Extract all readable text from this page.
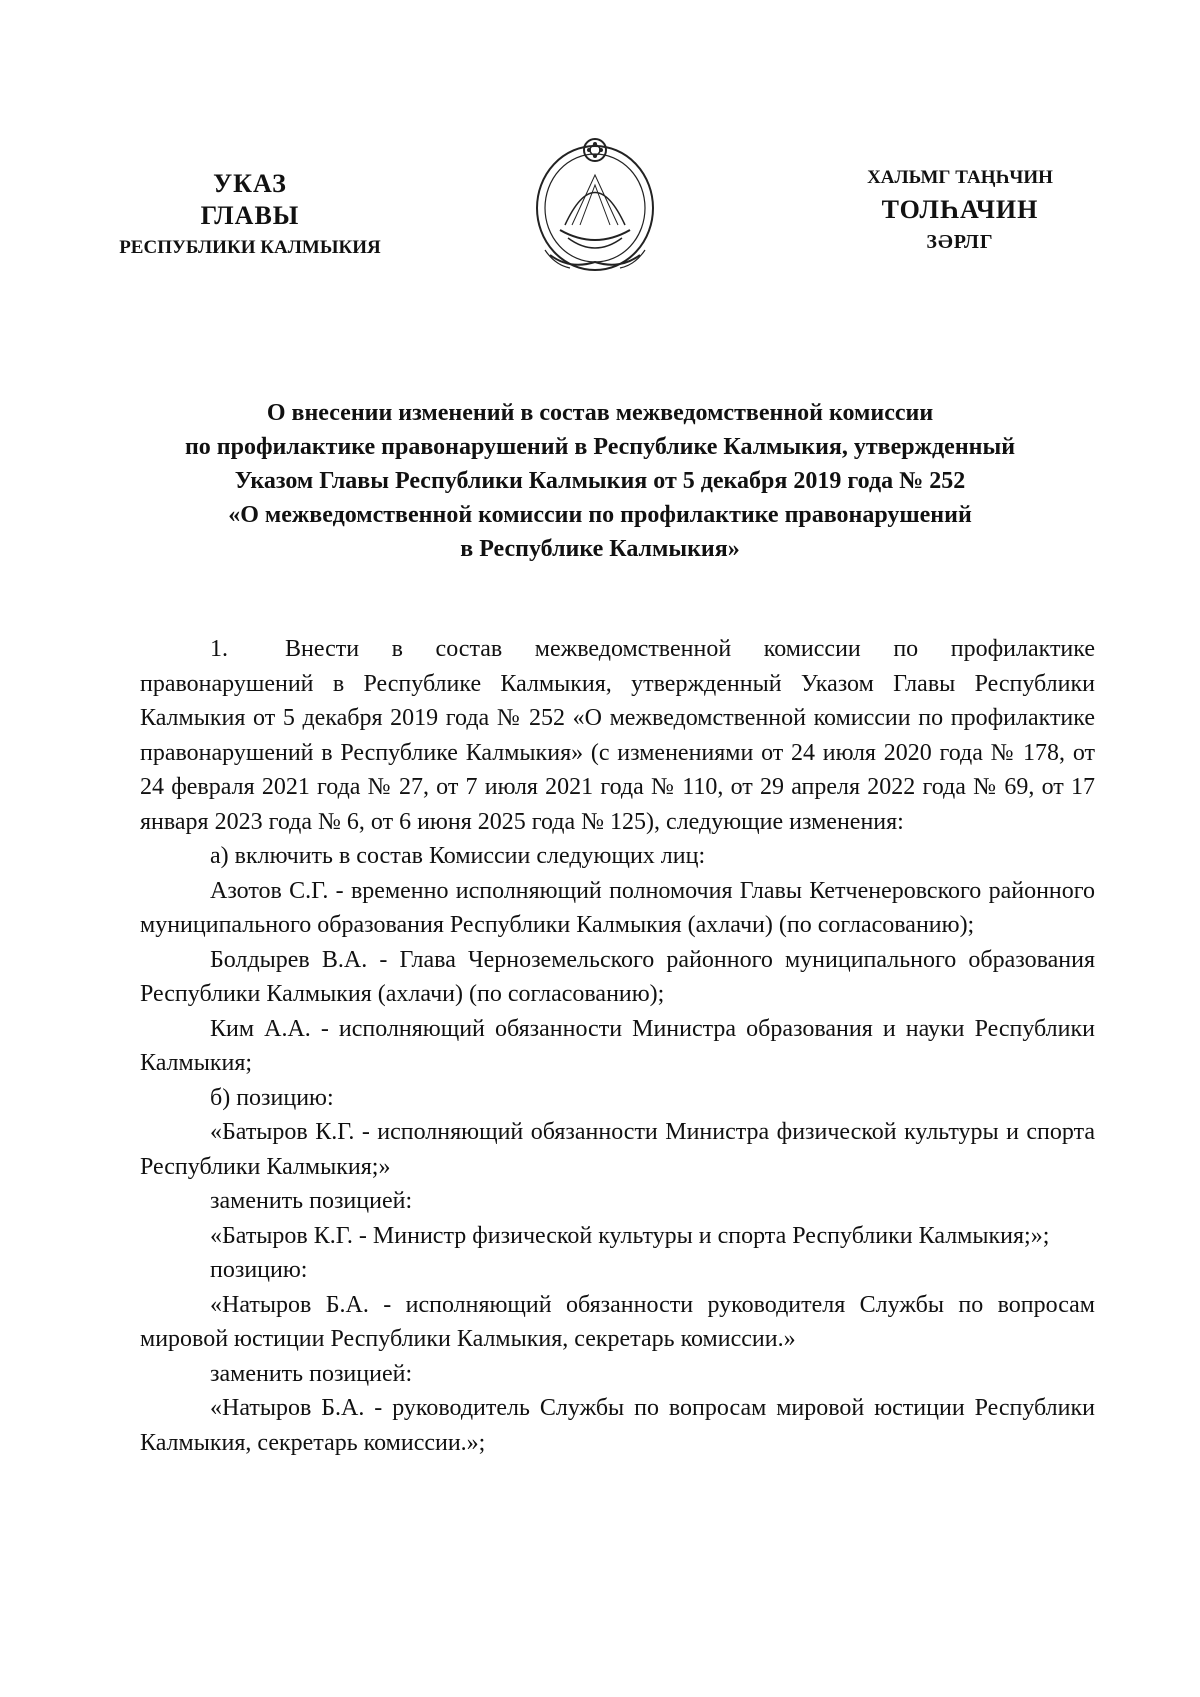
УКАЗ
ГЛАВЫ
РЕСПУБЛИКИ КАЛМЫКИЯ
ХАЛЬМГ ТАҢҺЧИН
ТОЛҺАЧИН
ЗӘРЛГ
О внесении изменений в состав межведомственной комиссии
по профилактике правонарушений в Республике Калмыкия, утвержденный
Указом Главы Республики Калмыкия от 5 декабря 2019 года № 252
«О межведомственной комиссии по профилактике правонарушений
в Республике Калмыкия»

1. Внести в состав межведомственной комиссии по профилактике правонарушений в Республике Калмыкия, утвержденный Указом Главы Республики Калмыкия от 5 декабря 2019 года № 252 «О межведомственной комиссии по профилактике правонарушений в Республике Калмыкия» (с изменениями от 24 июля 2020 года № 178, от 24 февраля 2021 года № 27, от 7 июля 2021 года № 110, от 29 апреля 2022 года № 69, от 17 января 2023 года № 6, от 6 июня 2025 года № 125), следующие изменения:

а) включить в состав Комиссии следующих лиц:

Азотов С.Г. - временно исполняющий полномочия Главы Кетченеровского районного муниципального образования Республики Калмыкия (ахлачи) (по согласованию);

Болдырев В.А. - Глава Черноземельского районного муниципального образования Республики Калмыкия (ахлачи) (по согласованию);

Ким А.А. - исполняющий обязанности Министра образования и науки Республики Калмыкия;

б) позицию:

«Батыров К.Г. - исполняющий обязанности Министра физической культуры и спорта Республики Калмыкия;»

заменить позицией:

«Батыров К.Г. - Министр физической культуры и спорта Республики Калмыкия;»;

позицию:

«Натыров Б.А. - исполняющий обязанности руководителя Службы по вопросам мировой юстиции Республики Калмыкия, секретарь комиссии.»

заменить позицией:

«Натыров Б.А. - руководитель Службы по вопросам мировой юстиции Республики Калмыкия, секретарь комиссии.»;
